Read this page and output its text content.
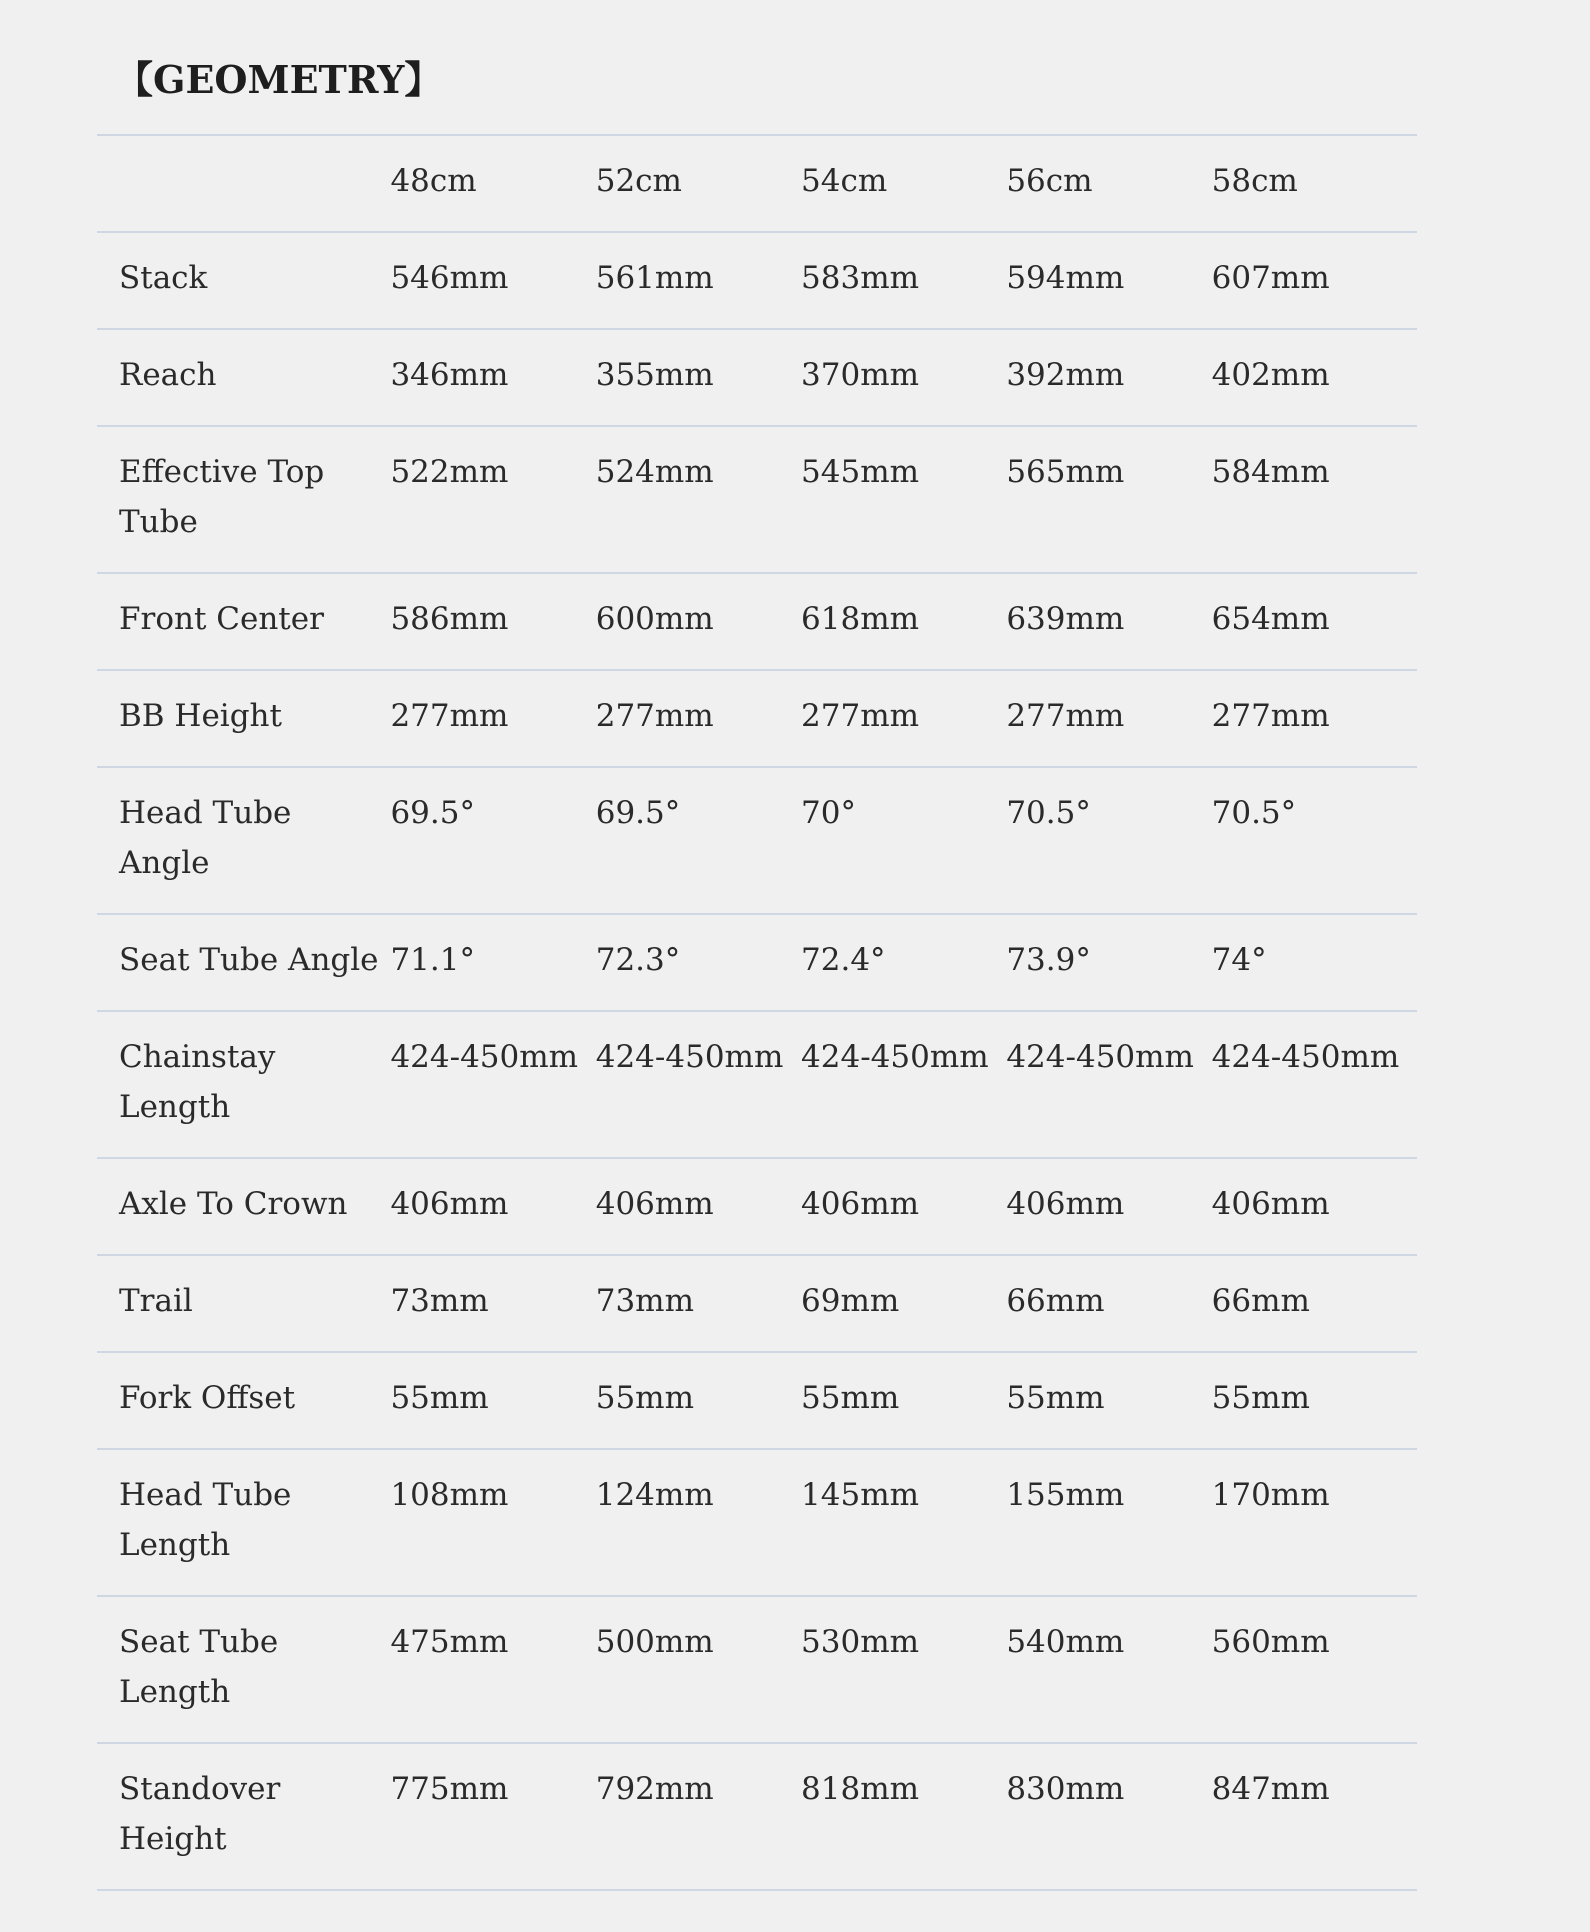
【GEOMETRY】

	48cm	52cm	54cm	56cm	58cm

Stack	546mm	561mm	583mm	594mm	607mm

Reach	346mm	355mm	370mm	392mm	402mm

Effective Top Tube	522mm	524mm	545mm	565mm	584mm

Front Center	586mm	600mm	618mm	639mm	654mm

BB Height	277mm	277mm	277mm	277mm	277mm

Head Tube Angle	69.5°	69.5°	70°	70.5°	70.5°

Seat Tube Angle	71.1°	72.3°	72.4°	73.9°	74°

Chainstay Length	424-450mm	424-450mm	424-450mm	424-450mm	424-450mm

Axle To Crown	406mm	406mm	406mm	406mm	406mm

Trail	73mm	73mm	69mm	66mm	66mm

Fork Offset	55mm	55mm	55mm	55mm	55mm

Head Tube Length	108mm	124mm	145mm	155mm	170mm

Seat Tube Length	475mm	500mm	530mm	540mm	560mm

Standover Height	775mm	792mm	818mm	830mm	847mm
